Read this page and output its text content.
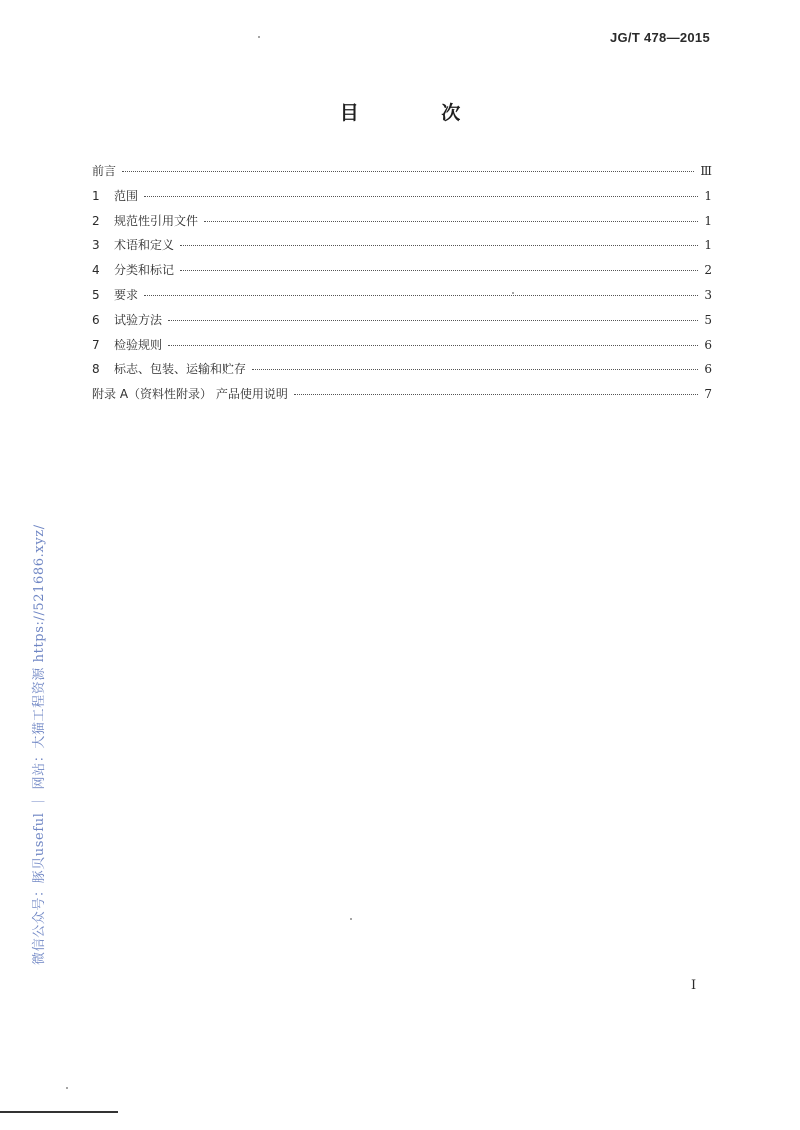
JG/T 478—2015
目 次
前言	Ⅲ
1	范围	1
2	规范性引用文件	1
3	术语和定义	1
4	分类和标记	2
5	要求	3
6	试验方法	5
7	检验规则	6
8	标志、包装、运输和贮存	6
附录 A（资料性附录） 产品使用说明	7
微信公众号：豚贝useful ｜ 网站：大猫工程资源 https://521686.xyz/
I
